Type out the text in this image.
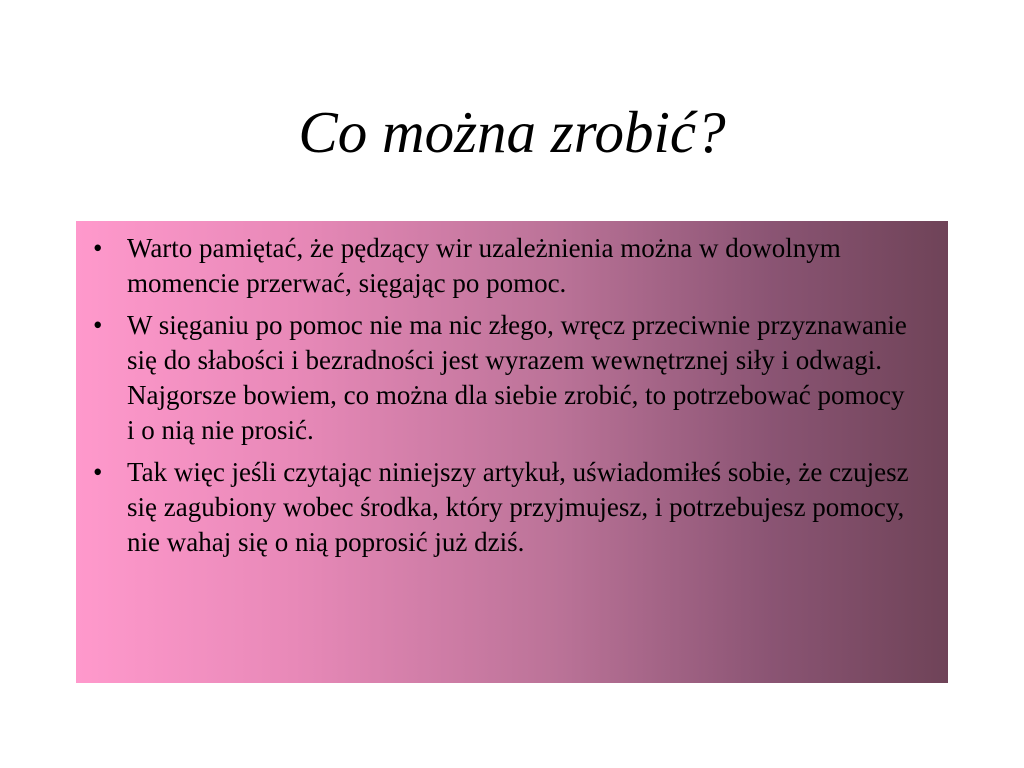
Co można zrobić?
• Warto pamiętać, że pędzący wir uzależnienia można w dowolnym momencie przerwać, sięgając po pomoc.
• W sięganiu po pomoc nie ma nic złego, wręcz przeciwnie przyznawanie się do słabości i bezradności jest wyrazem wewnętrznej siły i odwagi. Najgorsze bowiem, co można dla siebie zrobić, to potrzebować pomocy i o nią nie prosić.
• Tak więc jeśli czytając niniejszy artykuł, uświadomiłeś sobie, że czujesz się zagubiony wobec środka, który przyjmujesz, i potrzebujesz pomocy, nie wahaj się o nią poprosić już dziś.
